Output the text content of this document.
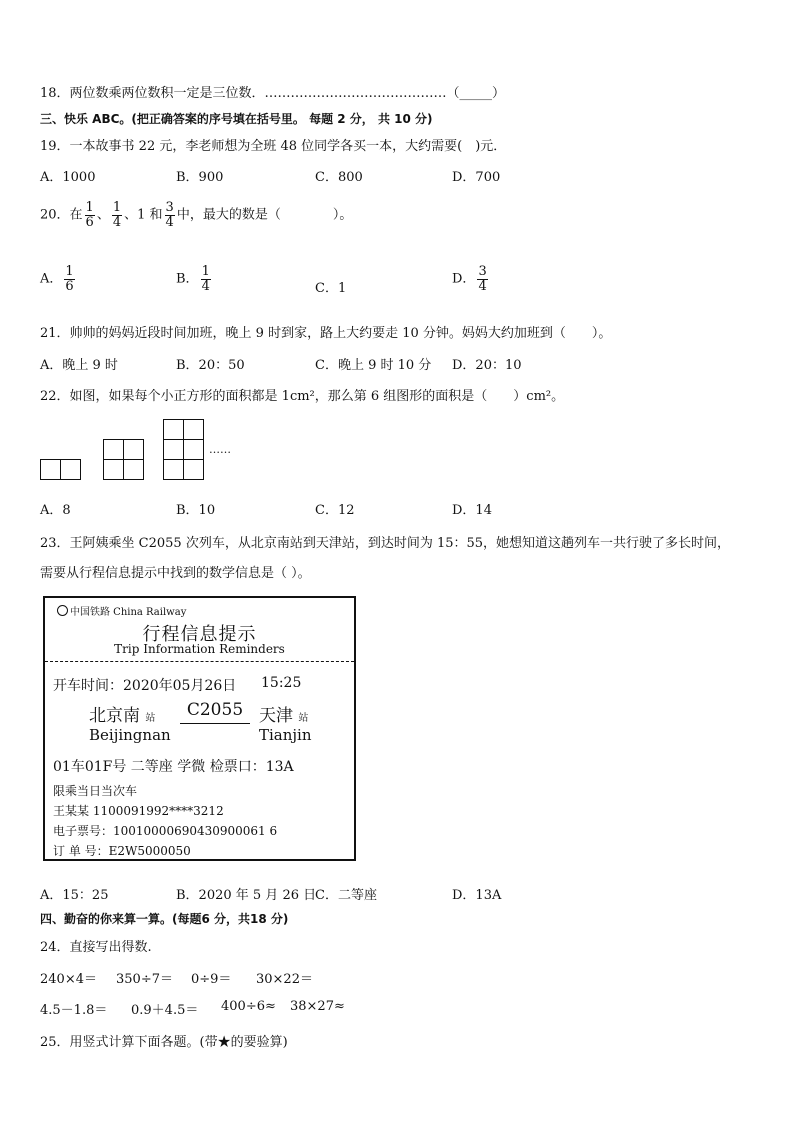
18．两位数乘两位数积一定是三位数．……………………………………（_____）
三、快乐 ABC。(把正确答案的序号填在括号里。 每题 2 分， 共 10 分)
19．一本故事书 22 元，李老师想为全班 48 位同学各买一本，大约需要(　)元．
A．1000	B．900	C．800	D．700
20．在 $\frac{1}{6}$ 、 $\frac{1}{4}$ 、1 和 $\frac{3}{4}$ 中，最大的数是（　　　　）。
A． $\frac{1}{6}$	B． $\frac{1}{4}$	C．1
D． $\frac{3}{4}$
21．帅帅的妈妈近段时间加班，晚上 9 时到家，路上大约要走 10 分钟。妈妈大约加班到（　　）。
A．晚上 9 时	B．20：50	C．晚上 9 时 10 分 D．20：10
22．如图，如果每个小正方形的面积都是 1cm²，那么第 6 组图形的面积是（　　）cm²。
……
A．8	B．10	C．12	D．14
23．王阿姨乘坐 C2055 次列车，从北京南站到天津站，到达时间为 15：55，她想知道这趟列车一共行驶了多长时间，
需要从行程信息提示中找到的数学信息是（ ）。
中国铁路 China Railway
行程信息提示
Trip Information Reminders
开车时间：2020年05月26日 15:25
北京南 站	C2055 天津 站
Beijingnan	Tianjin
01车01F号 二等座 学微 检票口：13A
限乘当日当次车
王某某 1100091992****3212
电子票号：10010000690430900061 6
订 单 号：E2W5000050
A．15：25	B．2020 年 5 月 26 日
C．二等座	D．13A
四、勤奋的你来算一算。(每题6 分，共18 分)
24．直接写出得数.
240×4＝ 350÷7＝ 0÷9＝ 30×22＝
4.5－1.8＝ 0.9＋4.5＝ 400÷6≈ 38×27≈
25．用竖式计算下面各题。(带★的要验算)
